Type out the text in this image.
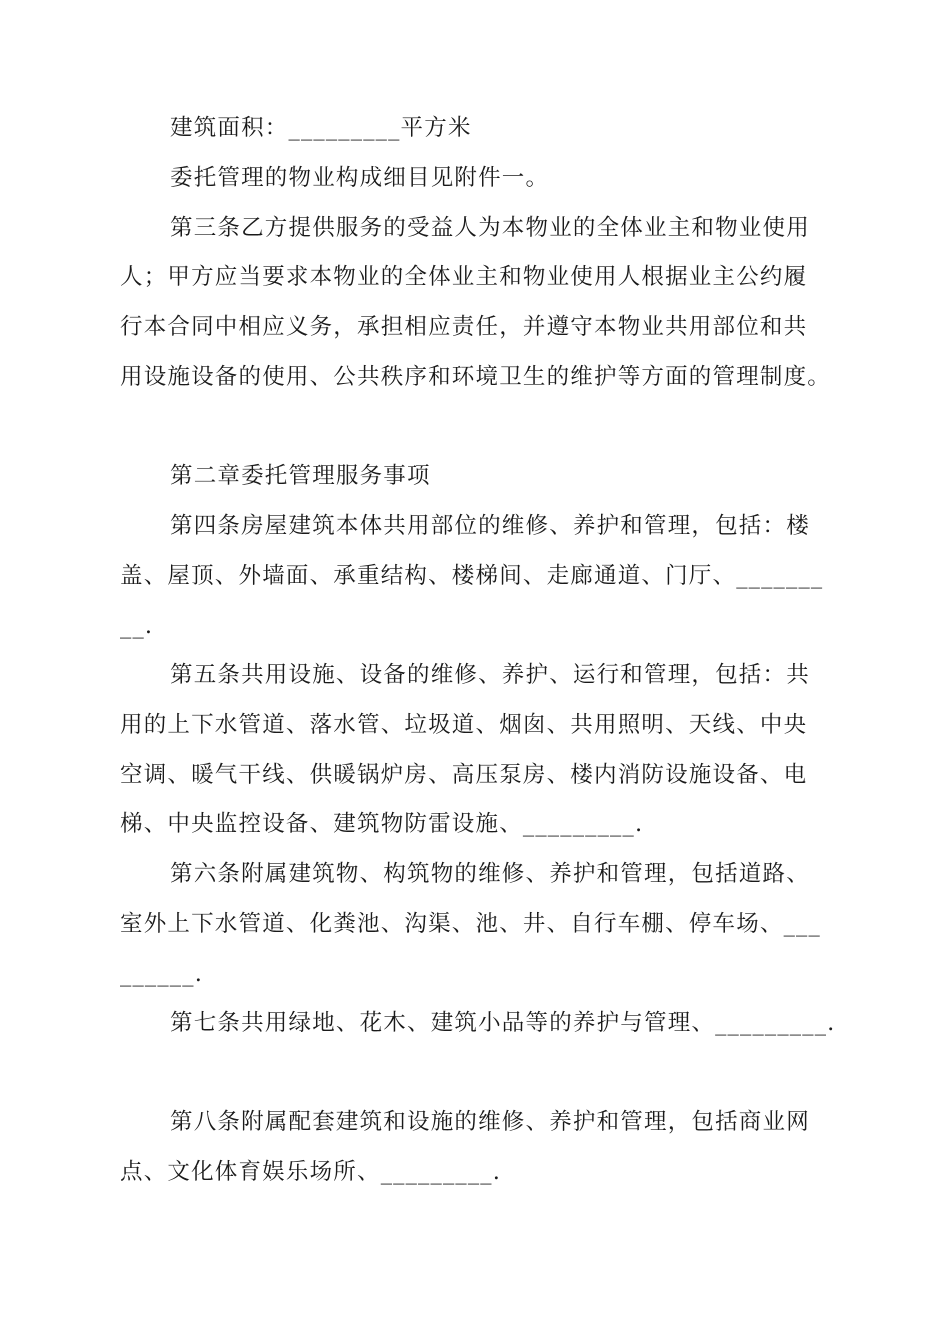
建筑面积：_________平方米
委托管理的物业构成细目见附件一。
第三条乙方提供服务的受益人为本物业的全体业主和物业使用
人；甲方应当要求本物业的全体业主和物业使用人根据业主公约履
行本合同中相应义务，承担相应责任，并遵守本物业共用部位和共
用设施设备的使用、公共秩序和环境卫生的维护等方面的管理制度。
第二章委托管理服务事项
第四条房屋建筑本体共用部位的维修、养护和管理，包括：楼
盖、屋顶、外墙面、承重结构、楼梯间、走廊通道、门厅、_______
__.
第五条共用设施、设备的维修、养护、运行和管理，包括：共
用的上下水管道、落水管、垃圾道、烟囱、共用照明、天线、中央
空调、暖气干线、供暖锅炉房、高压泵房、楼内消防设施设备、电
梯、中央监控设备、建筑物防雷设施、_________.
第六条附属建筑物、构筑物的维修、养护和管理，包括道路、
室外上下水管道、化粪池、沟渠、池、井、自行车棚、停车场、___
______.
第七条共用绿地、花木、建筑小品等的养护与管理、_________.
第八条附属配套建筑和设施的维修、养护和管理，包括商业网
点、文化体育娱乐场所、_________.
